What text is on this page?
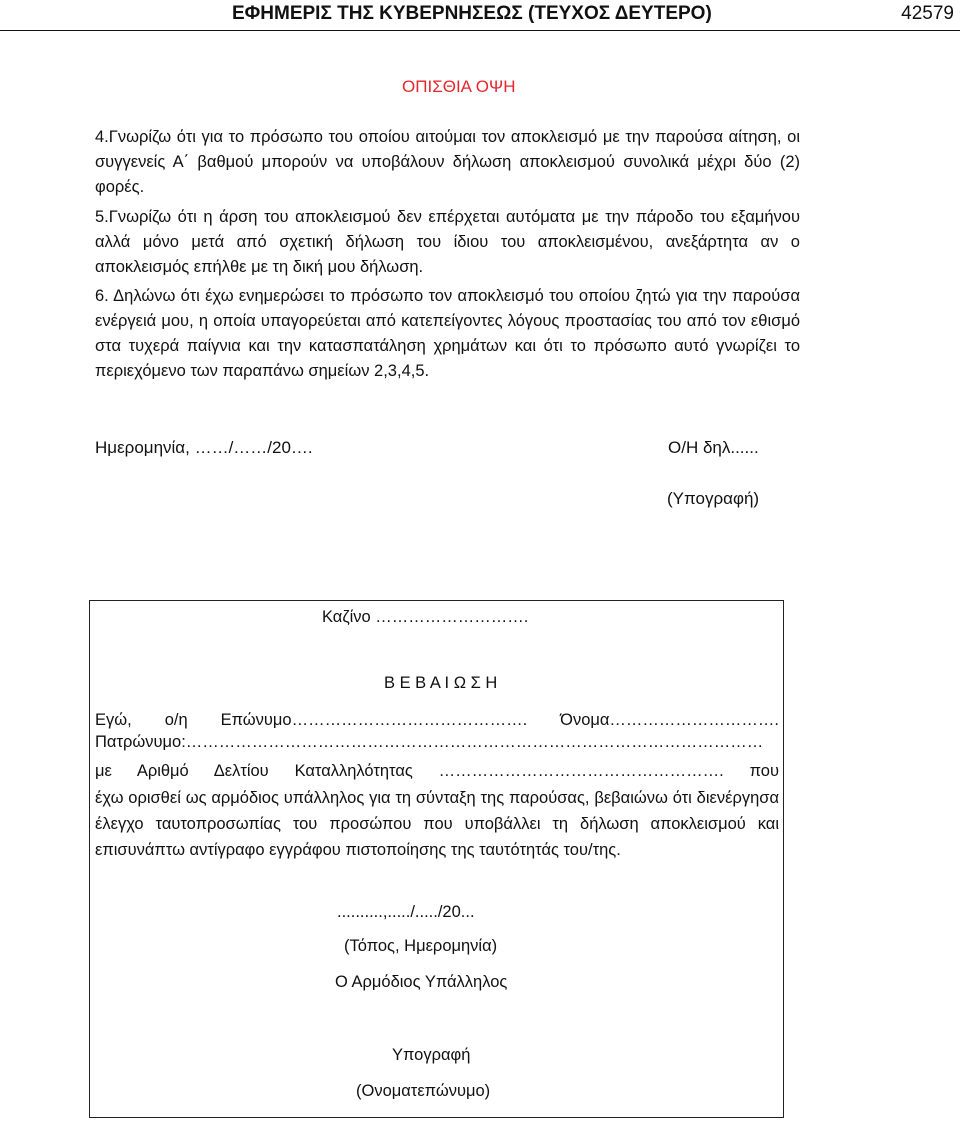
ΕΦΗΜΕΡΙΣ ΤΗΣ ΚΥΒΕΡΝΗΣΕΩΣ (ΤΕΥΧΟΣ ΔΕΥΤΕΡΟ)	42579
ΟΠΙΣΘΙΑ ΟΨΗ

4.Γνωρίζω ότι για το πρόσωπο του οποίου αιτούμαι τον αποκλεισμό με την παρούσα αίτηση, οι συγγενείς Α΄ βαθμού μπορούν να υποβάλουν δήλωση αποκλεισμού συνολικά μέχρι δύο (2) φορές.

5.Γνωρίζω ότι η άρση του αποκλεισμού δεν επέρχεται αυτόματα με την πάροδο του εξαμήνου αλλά μόνο μετά από σχετική δήλωση του ίδιου του αποκλεισμένου, ανεξάρτητα αν ο αποκλεισμός επήλθε με τη δική μου δήλωση.

6. Δηλώνω ότι έχω ενημερώσει το πρόσωπο τον αποκλεισμό του οποίου ζητώ για την παρούσα ενέργειά μου, η οποία υπαγορεύεται από κατεπείγοντες λόγους προστασίας του από τον εθισμό στα τυχερά παίγνια και την κατασπατάληση χρημάτων και ότι το πρόσωπο αυτό γνωρίζει το περιεχόμενο των παραπάνω σημείων 2,3,4,5.

Ημερομηνία, ……/……/20….	Ο/Η δηλ......
(Υπογραφή)
Καζίνο ……………………….
Β Ε Β Α Ι Ω Σ Η
Εγώ, ο/η Επώνυμο……………………………………. Όνομα………………………….
Πατρώνυμο:……………………………………………………………………………………………
με Αριθμό Δελτίου Καταλληλότητας ……………………………………………. που

έχω ορισθεί ως αρμόδιος υπάλληλος για τη σύνταξη της παρούσας, βεβαιώνω ότι διενέργησα έλεγχο ταυτοπροσωπίας του προσώπου που υποβάλλει τη δήλωση αποκλεισμού και επισυνάπτω αντίγραφο εγγράφου πιστοποίησης της ταυτότητάς του/της.

..........,...../...../20...
(Τόπος, Ημερομηνία)
Ο Αρμόδιος Υπάλληλος
Υπογραφή
(Ονοματεπώνυμο)
